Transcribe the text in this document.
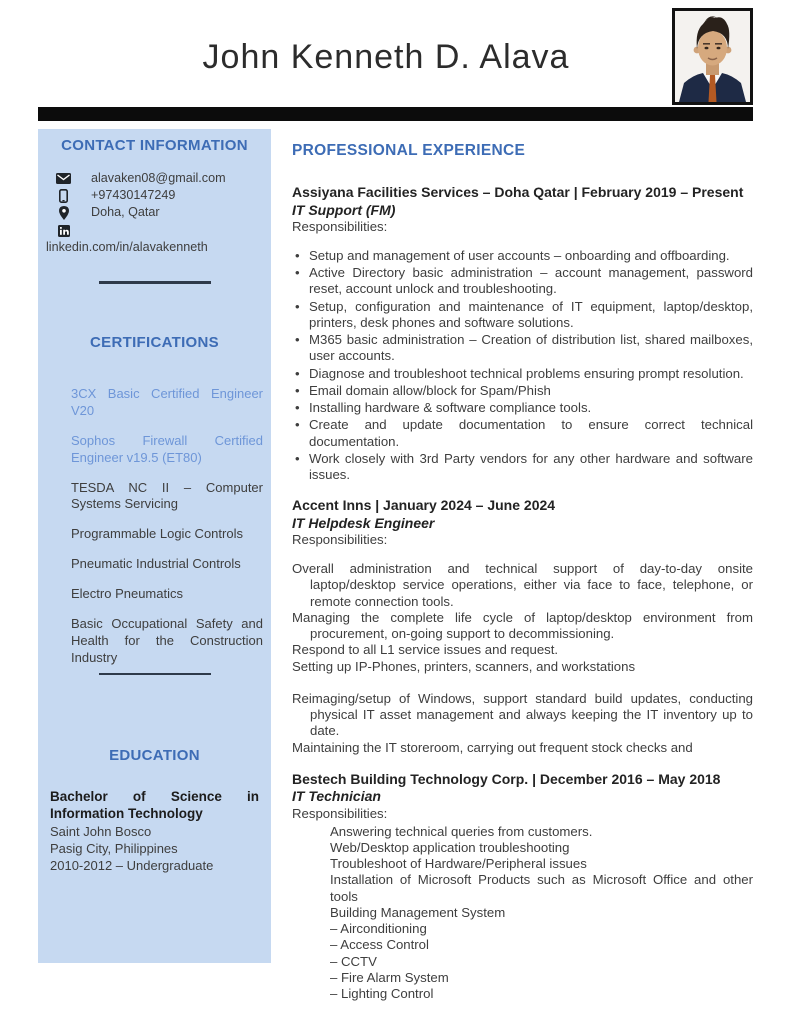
John Kenneth D. Alava
CONTACT INFORMATION
alavaken08@gmail.com
+97430147249
Doha, Qatar
linkedin.com/in/alavakenneth
CERTIFICATIONS
3CX Basic Certified Engineer V20
Sophos Firewall Certified Engineer v19.5 (ET80)
TESDA NC II – Computer Systems Servicing
Programmable Logic Controls
Pneumatic Industrial Controls
Electro Pneumatics
Basic Occupational Safety and Health for the Construction Industry
EDUCATION
Bachelor of Science in Information Technology
Saint John Bosco
Pasig City, Philippines
2010-2012 – Undergraduate
PROFESSIONAL EXPERIENCE
Assiyana Facilities Services – Doha Qatar | February 2019 – Present
IT Support (FM)
Responsibilities:
• Setup and management of user accounts – onboarding and offboarding.
• Active Directory basic administration – account management, password reset, account unlock and troubleshooting.
• Setup, configuration and maintenance of IT equipment, laptop/desktop, printers, desk phones and software solutions.
• M365 basic administration – Creation of distribution list, shared mailboxes, user accounts.
• Diagnose and troubleshoot technical problems ensuring prompt resolution.
• Email domain allow/block for Spam/Phish
• Installing hardware & software compliance tools.
• Create and update documentation to ensure correct technical documentation.
• Work closely with 3rd Party vendors for any other hardware and software issues.
Accent Inns | January 2024 – June 2024
IT Helpdesk Engineer
Responsibilities:
Overall administration and technical support of day-to-day onsite laptop/desktop service operations, either via face to face, telephone, or remote connection tools.
Managing the complete life cycle of laptop/desktop environment from procurement, on-going support to decommissioning.
Respond to all L1 service issues and request.
Setting up IP-Phones, printers, scanners, and workstations
Reimaging/setup of Windows, support standard build updates, conducting physical IT asset management and always keeping the IT inventory up to date.
Maintaining the IT storeroom, carrying out frequent stock checks and
Bestech Building Technology Corp. | December 2016 – May 2018
IT Technician
Responsibilities:
Answering technical queries from customers.
Web/Desktop application troubleshooting
Troubleshoot of Hardware/Peripheral issues
Installation of Microsoft Products such as Microsoft Office and other tools
Building Management System
– Airconditioning
– Access Control
– CCTV
– Fire Alarm System
– Lighting Control
